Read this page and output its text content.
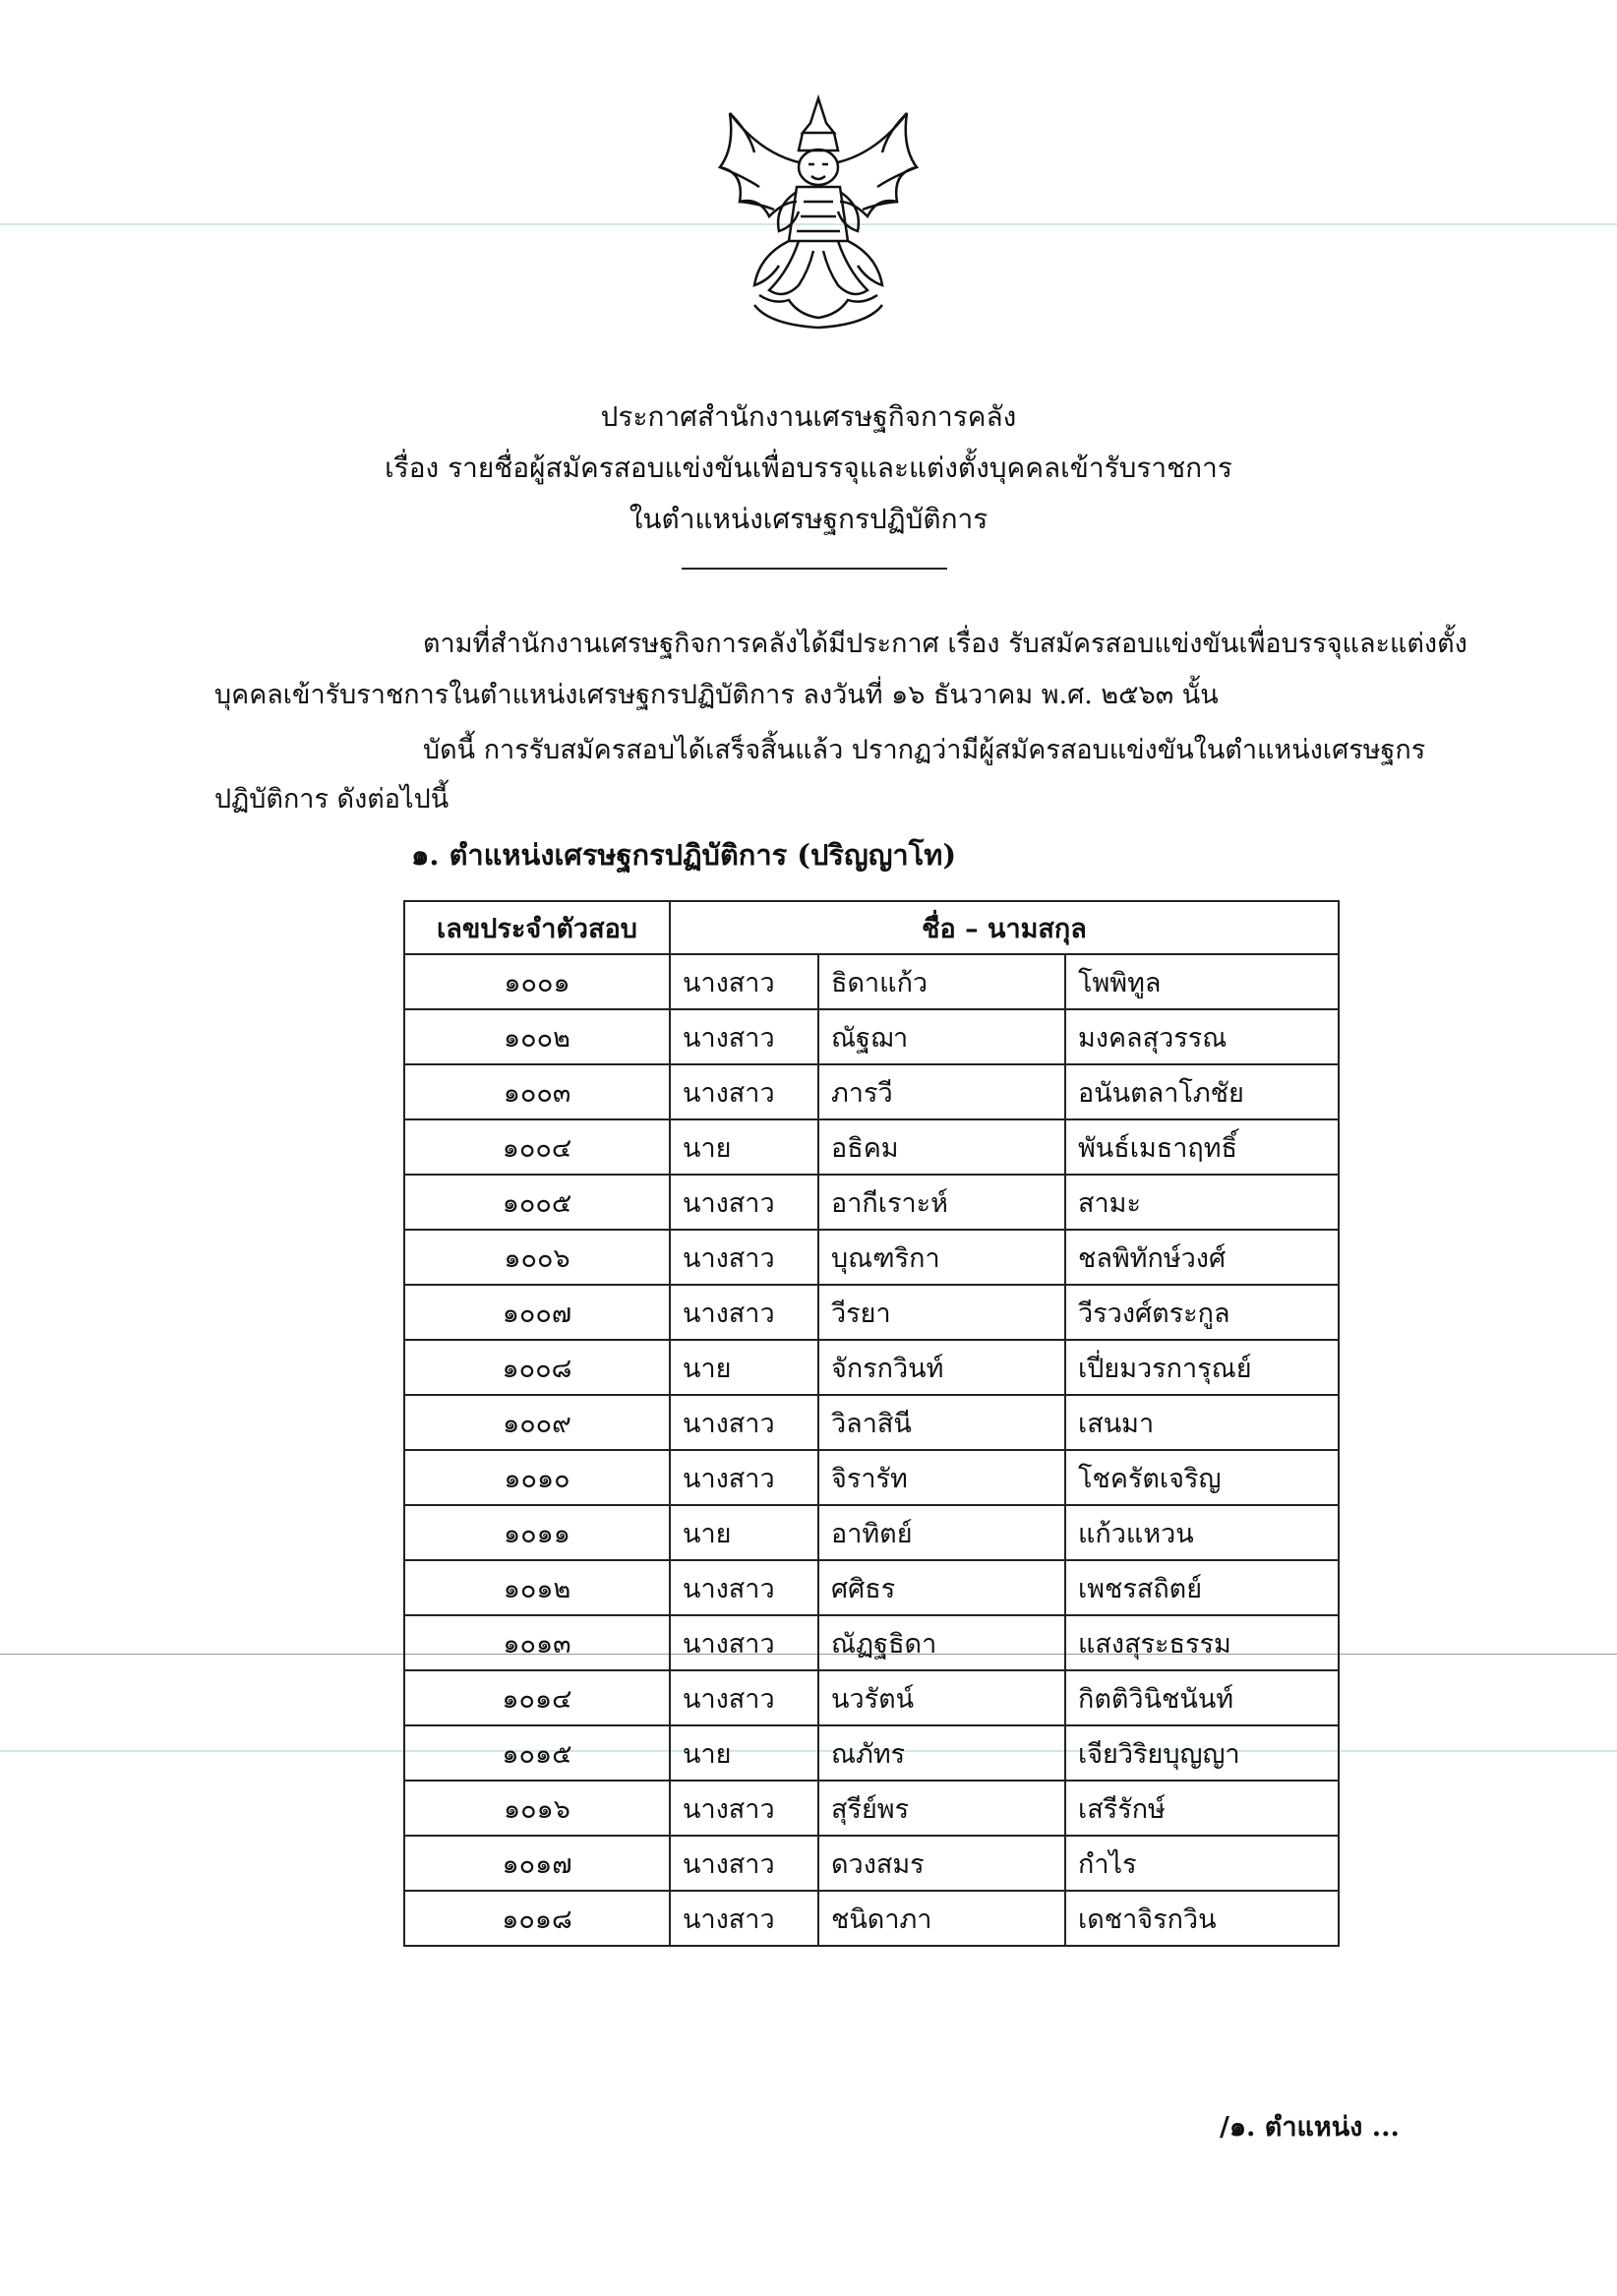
ประกาศสำนักงานเศรษฐกิจการคลัง
เรื่อง รายชื่อผู้สมัครสอบแข่งขันเพื่อบรรจุและแต่งตั้งบุคคลเข้ารับราชการ
ในตำแหน่งเศรษฐกรปฏิบัติการ
ตามที่สำนักงานเศรษฐกิจการคลังได้มีประกาศ เรื่อง รับสมัครสอบแข่งขันเพื่อบรรจุและแต่งตั้ง
บุคคลเข้ารับราชการในตำแหน่งเศรษฐกรปฏิบัติการ ลงวันที่ ๑๖ ธันวาคม พ.ศ. ๒๕๖๓ นั้น
บัดนี้ การรับสมัครสอบได้เสร็จสิ้นแล้ว ปรากฏว่ามีผู้สมัครสอบแข่งขันในตำแหน่งเศรษฐกร
ปฏิบัติการ ดังต่อไปนี้
๑. ตำแหน่งเศรษฐกรปฏิบัติการ (ปริญญาโท)
เลขประจำตัวสอบ	ชื่อ – นามสกุล		
๑๐๐๑	นางสาว	ธิดาแก้ว	โพพิทูล
๑๐๐๒	นางสาว	ณัฐฌา	มงคลสุวรรณ
๑๐๐๓	นางสาว	ภารวี	อนันตลาโภชัย
๑๐๐๔	นาย	อธิคม	พันธ์เมธาฤทธิ์
๑๐๐๕	นางสาว	อากีเราะห์	สามะ
๑๐๐๖	นางสาว	บุณฑริกา	ชลพิทักษ์วงศ์
๑๐๐๗	นางสาว	วีรยา	วีรวงศ์ตระกูล
๑๐๐๘	นาย	จักรกวินท์	เปี่ยมวรการุณย์
๑๐๐๙	นางสาว	วิลาสินี	เสนมา
๑๐๑๐	นางสาว	จิรารัท	โชครัตเจริญ
๑๐๑๑	นาย	อาทิตย์	แก้วแหวน
๑๐๑๒	นางสาว	ศศิธร	เพชรสถิตย์
๑๐๑๓	นางสาว	ณัฏฐธิดา	แสงสุระธรรม
๑๐๑๔	นางสาว	นวรัตน์	กิตติวินิชนันท์
๑๐๑๕	นาย	ณภัทร	เจียวิริยบุญญา
๑๐๑๖	นางสาว	สุรีย์พร	เสรีรักษ์
๑๐๑๗	นางสาว	ดวงสมร	กำไร
๑๐๑๘	นางสาว	ชนิดาภา	เดชาจิรกวิน
/๑. ตำแหน่ง ...
